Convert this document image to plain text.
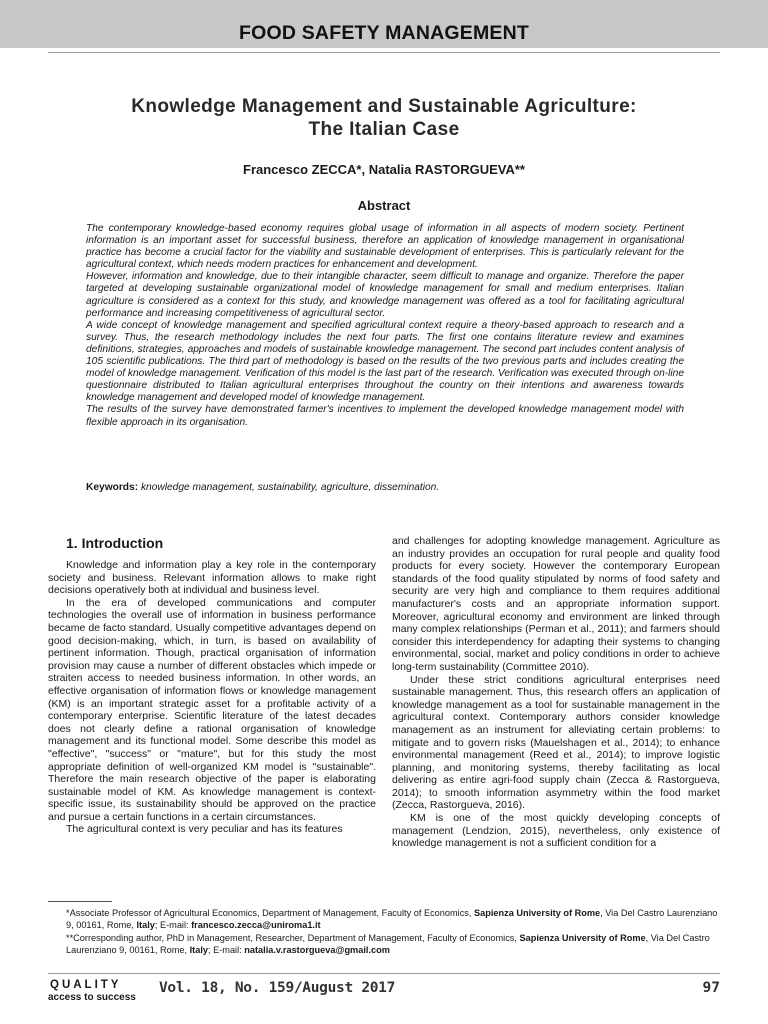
FOOD SAFETY MANAGEMENT
Knowledge Management and Sustainable Agriculture:
The Italian Case
Francesco ZECCA*, Natalia RASTORGUEVA**
Abstract

The contemporary knowledge-based economy requires global usage of information in all aspects of modern society. Pertinent information is an important asset for successful business, therefore an application of knowledge management in organisational practice has become a crucial factor for the viability and sustainable development of enterprises. This is particularly relevant for the agricultural context, which needs modern practices for enhancement and development.

However, information and knowledge, due to their intangible character, seem difficult to manage and organize. Therefore the paper targeted at developing sustainable organizational model of knowledge management for small and medium enterprises. Italian agriculture is considered as a context for this study, and knowledge management was offered as a tool for facilitating agricultural performance and increasing competitiveness of agricultural sector.

A wide concept of knowledge management and specified agricultural context require a theory-based approach to research and a survey. Thus, the research methodology includes the next four parts. The first one contains literature review and examines definitions, strategies, approaches and models of sustainable knowledge management. The second part includes content analysis of 105 scientific publications. The third part of methodology is based on the results of the two previous parts and includes creating the model of knowledge management. Verification of this model is the last part of the research. Verification was executed through on-line questionnaire distributed to Italian agricultural enterprises throughout the country on their intentions and awareness towards knowledge management and developed model of knowledge management.

The results of the survey have demonstrated farmer's incentives to implement the developed knowledge management model with flexible approach in its organisation.

Keywords: knowledge management, sustainability, agriculture, dissemination.
1. Introduction

Knowledge and information play a key role in the contemporary society and business. Relevant information allows to make right decisions operatively both at individual and business level.

In the era of developed communications and computer technologies the overall use of information in business performance became de facto standard. Usually competitive advantages depend on good decision-making, which, in turn, is based on availability of pertinent information. Though, practical organisation of information provision may cause a number of different obstacles which impede or straiten access to needed business information. In other words, an effective organisation of information flows or knowledge management (KM) is an important strategic asset for a profitable activity of a contemporary enterprise. Scientific literature of the latest decades does not clearly define a rational organisation of knowledge management and its functional model. Some describe this model as "effective", "success" or "mature", but for this study the most appropriate definition of well-organized KM model is "sustainable". Therefore the main research objective of the paper is elaborating sustainable model of KM. As knowledge management is context-specific issue, its sustainability should be approved on the practice and pursue a certain functions in a certain circumstances.

The agricultural context is very peculiar and has its features

and challenges for adopting knowledge management. Agriculture as an industry provides an occupation for rural people and quality food products for every society. However the contemporary European standards of the food quality stipulated by norms of food safety and security are very high and compliance to them requires additional manufacturer's costs and an appropriate information support. Moreover, agricultural economy and environment are linked through many complex relationships (Perman et al., 2011); and farmers should consider this interdependency for adapting their systems to changing environmental, social, market and policy conditions in order to achieve long-term sustainability (Committee 2010).

Under these strict conditions agricultural enterprises need sustainable management. Thus, this research offers an application of knowledge management as a tool for sustainable management in the agricultural context. Contemporary authors consider knowledge management as an instrument for alleviating certain problems: to mitigate and to govern risks (Mauelshagen et al., 2014); to enhance environmental management (Reed et al., 2014); to improve logistic planning, and monitoring systems, thereby facilitating as local delivering as entire agri-food supply chain (Zecca & Rastorgueva, 2014); to smooth information asymmetry within the food market (Zecca, Rastorgueva, 2016).

KM is one of the most quickly developing concepts of management (Lendzion, 2015), nevertheless, only existence of knowledge management is not a sufficient condition for a

*Associate Professor of Agricultural Economics, Department of Management, Faculty of Economics, Sapienza University of Rome, Via Del Castro Laurenziano 9, 00161, Rome, Italy; E-mail: francesco.zecca@uniroma1.it

**Corresponding author, PhD in Management, Researcher, Department of Management, Faculty of Economics, Sapienza University of Rome, Via Del Castro Laurenziano 9, 00161, Rome, Italy; E-mail: natalia.v.rastorgueva@gmail.com

QUALITY
access to success
Vol. 18, No. 159/August 2017	97
